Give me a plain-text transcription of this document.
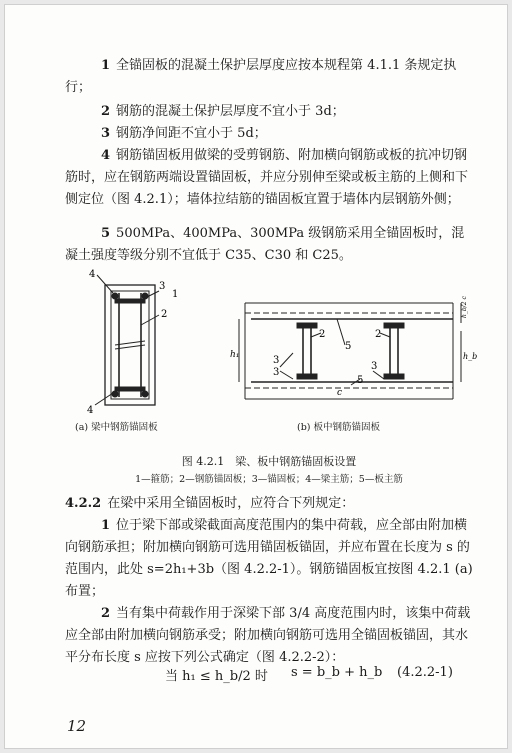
1 全锚固板的混凝土保护层厚度应按本规程第 4.1.1 条规定执行；

2 钢筋的混凝土保护层厚度不宜小于 3d；

3 钢筋净间距不宜小于 5d；

4 钢筋锚固板用做梁的受剪钢筋、附加横向钢筋或板的抗冲切钢筋时，应在钢筋两端设置锚固板，并应分别伸至梁或板主筋的上侧和下侧定位（图 4.2.1）；墙体拉结筋的锚固板宜置于墙体内层钢筋外侧；

5 500MPa、400MPa、300MPa 级钢筋采用全锚固板时，混凝土强度等级分别不宜低于 C35、C30 和 C25。

4
3
1
2
4
h₁	3
3
2
5
2
3
5
c
h_b
h_b/2 c

(a) 梁中钢筋锚固板	(b) 板中钢筋锚固板

图 4.2.1　梁、板中钢筋锚固板设置

1—箍筋；2—钢筋锚固板；3—锚固板；4—梁主筋；5—板主筋

4.2.2 在梁中采用全锚固板时，应符合下列规定：

1 位于梁下部或梁截面高度范围内的集中荷载，应全部由附加横向钢筋承担；附加横向钢筋可选用锚固板锚固，并应布置在长度为 s 的范围内，此处 s=2h₁+3b（图 4.2.2-1）。钢筋锚固板宜按图 4.2.1 (a) 布置；

2 当有集中荷载作用于深梁下部 3/4 高度范围内时，该集中荷载应全部由附加横向钢筋承受；附加横向钢筋可选用全锚固板锚固，其水平分布长度 s 应按下列公式确定（图 4.2.2-2）：

当 h₁ ≤ h_b/2 时 s = b_b + h_b (4.2.2-1)

12
